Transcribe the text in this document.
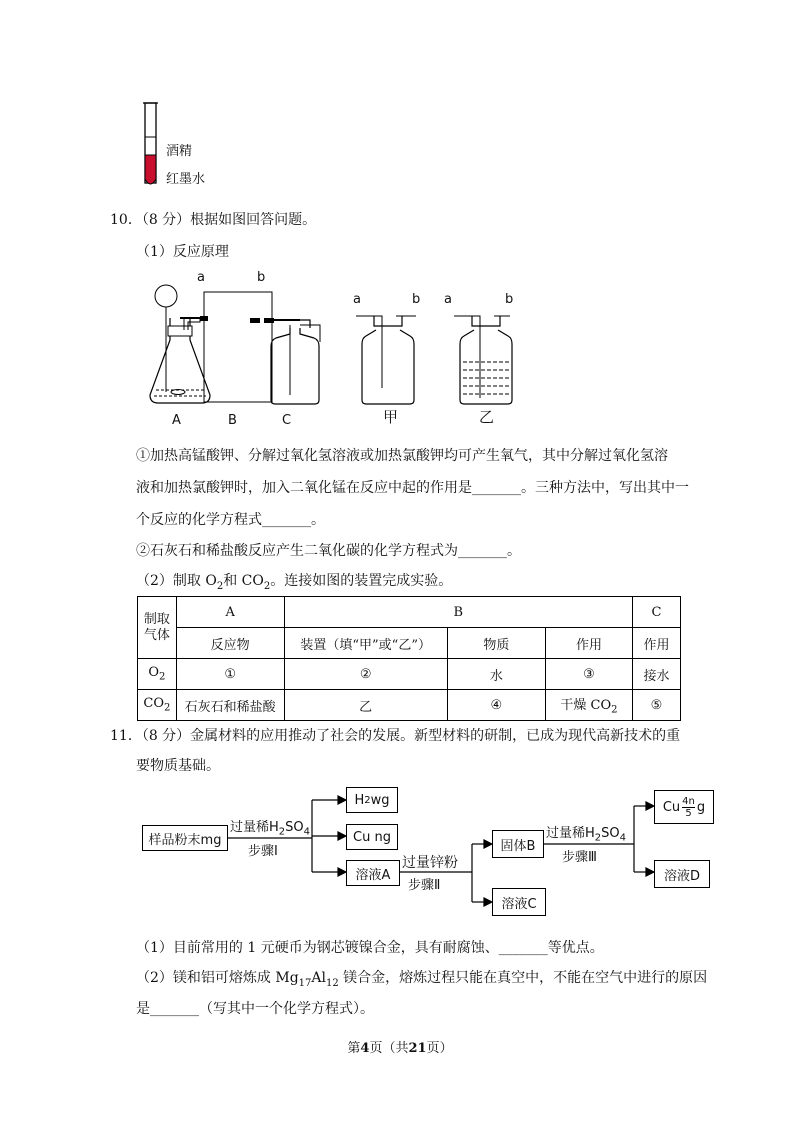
酒精
红墨水
10．（8 分）根据如图回答问题。
（1）反应原理
a	b
A	B	C
a	b a	b
甲	乙
①加热高锰酸钾、分解过氧化氢溶液或加热氯酸钾均可产生氧气，其中分解过氧化氢溶
液和加热氯酸钾时，加入二氧化锰在反应中起的作用是_______。三种方法中，写出其中一
个反应的化学方程式_______。
②石灰石和稀盐酸反应产生二氧化碳的化学方程式为_______。
（2）制取 $O_2$和 $CO_2$。连接如图的装置完成实验。
制取
气体	A	B			C
	反应物	装置（填“甲”或“乙”）	物质	作用	作用
$O_2$	①	②	水	③	接水
$CO_2$	石灰石和稀盐酸	乙	④	干燥 $CO_2$	⑤
11．（8 分）金属材料的应用推动了社会的发展。新型材料的研制，已成为现代高新技术的重
要物质基础。
样品粉末mg
过量稀$H_2SO_4$
步骤Ⅰ
H 2 wg
Cu ng
溶液A
过量锌粉
步骤Ⅱ
固体B
溶液C
过量稀$H_2SO_4$
步骤Ⅲ
Cu $\frac{4n}{5}$ g
溶液D
（1）目前常用的 1 元硬币为钢芯镀镍合金，具有耐腐蚀、_______等优点。
（2）镁和铝可熔炼成 $Mg_{17}Al_{12}$ 镁合金，熔炼过程只能在真空中，不能在空气中进行的原因
是_______（写其中一个化学方程式）。
第4页（共21页）
